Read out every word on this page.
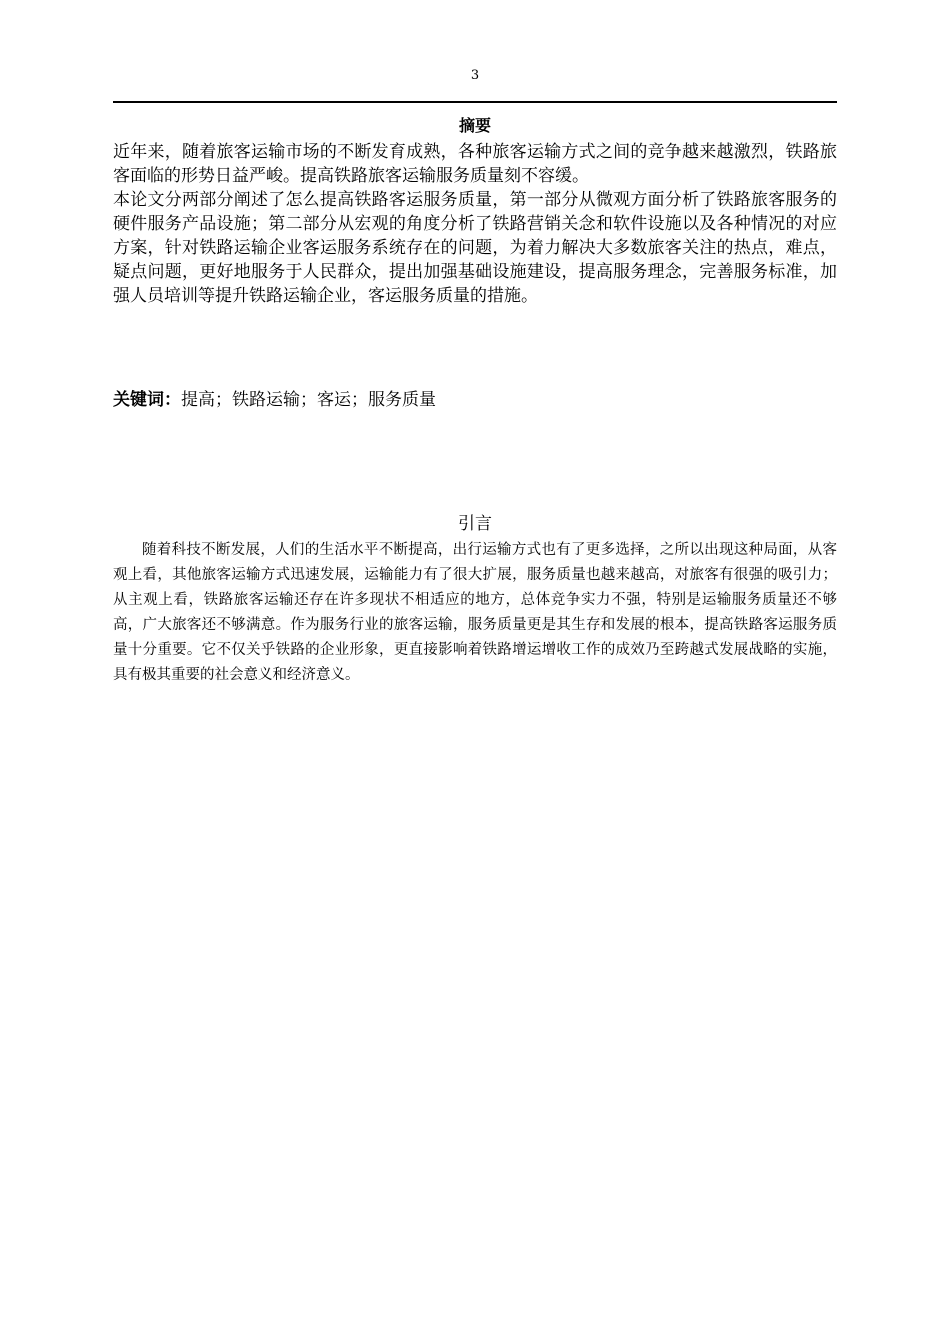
3
摘要

近年来，随着旅客运输市场的不断发育成熟，各种旅客运输方式之间的竞争越来越激烈，铁路旅客面临的形势日益严峻。提高铁路旅客运输服务质量刻不容缓。

本论文分两部分阐述了怎么提高铁路客运服务质量，第一部分从微观方面分析了铁路旅客服务的硬件服务产品设施；第二部分从宏观的角度分析了铁路营销关念和软件设施以及各种情况的对应方案，针对铁路运输企业客运服务系统存在的问题，为着力解决大多数旅客关注的热点，难点，疑点问题，更好地服务于人民群众，提出加强基础设施建设，提高服务理念，完善服务标准，加强人员培训等提升铁路运输企业，客运服务质量的措施。

关键词：提高；铁路运输；客运；服务质量
引言

随着科技不断发展，人们的生活水平不断提高，出行运输方式也有了更多选择，之所以出现这种局面，从客观上看，其他旅客运输方式迅速发展，运输能力有了很大扩展，服务质量也越来越高，对旅客有很强的吸引力；从主观上看，铁路旅客运输还存在许多现状不相适应的地方，总体竞争实力不强，特别是运输服务质量还不够高，广大旅客还不够满意。作为服务行业的旅客运输，服务质量更是其生存和发展的根本，提高铁路客运服务质量十分重要。它不仅关乎铁路的企业形象，更直接影响着铁路增运增收工作的成效乃至跨越式发展战略的实施，具有极其重要的社会意义和经济意义。
